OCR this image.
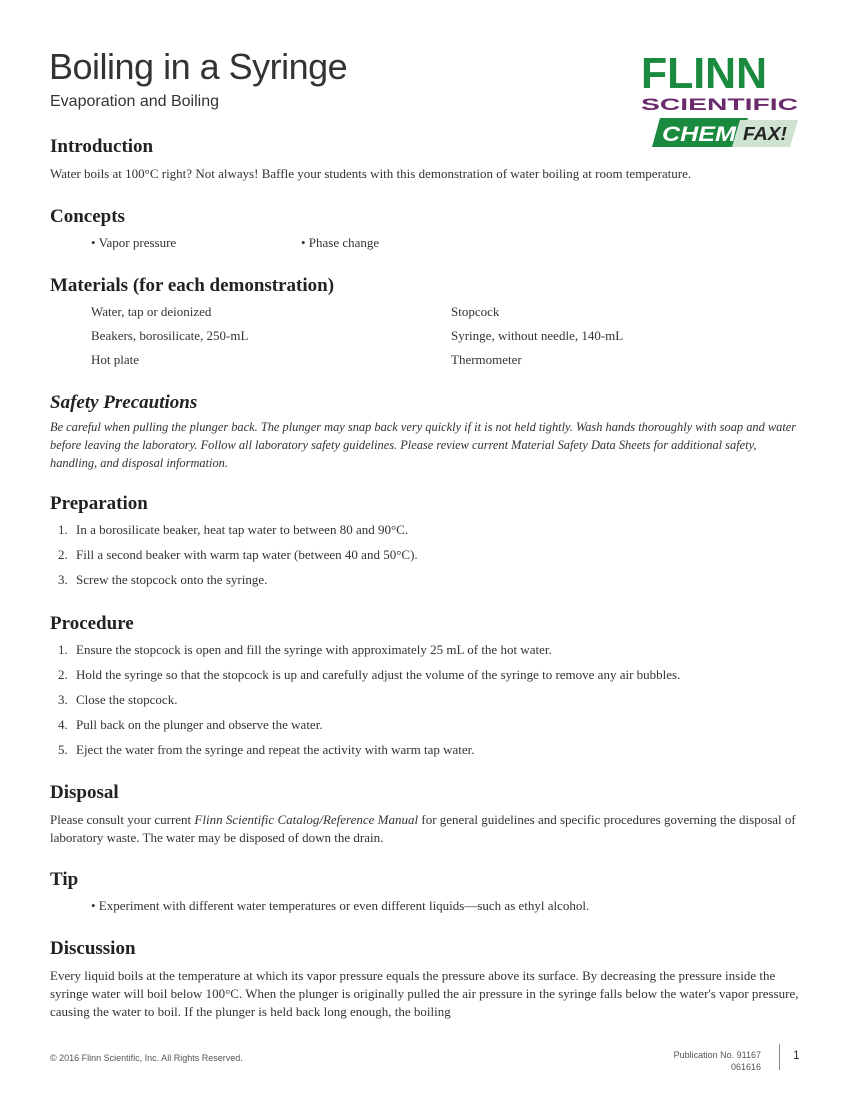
Boiling in a Syringe
Evaporation and Boiling
FLINN
SCIENTIFIC
CHEM FAX!
Introduction

Water boils at 100°C right? Not always! Baffle your students with this demonstration of water boiling at room temperature.

Concepts
• Vapor pressure	• Phase change
Materials (for each demonstration)
Water, tap or deionized
Beakers, borosilicate, 250-mL
Hot plate
Stopcock
Syringe, without needle, 140-mL
Thermometer
Safety Precautions

Be careful when pulling the plunger back. The plunger may snap back very quickly if it is not held tightly. Wash hands thoroughly with soap and water before leaving the laboratory. Follow all laboratory safety guidelines. Please review current Material Safety Data Sheets for additional safety, handling, and disposal information.

Preparation
1. In a borosilicate beaker, heat tap water to between 80 and 90°C.
2. Fill a second beaker with warm tap water (between 40 and 50°C).
3. Screw the stopcock onto the syringe.
Procedure
1. Ensure the stopcock is open and fill the syringe with approximately 25 mL of the hot water.
2. Hold the syringe so that the stopcock is up and carefully adjust the volume of the syringe to remove any air bubbles.
3. Close the stopcock.
4. Pull back on the plunger and observe the water.
5. Eject the water from the syringe and repeat the activity with warm tap water.
Disposal

Please consult your current Flinn Scientific Catalog/Reference Manual for general guidelines and specific procedures governing the disposal of laboratory waste. The water may be disposed of down the drain.

Tip
• Experiment with different water temperatures or even different liquids—such as ethyl alcohol.
Discussion

Every liquid boils at the temperature at which its vapor pressure equals the pressure above its surface. By decreasing the pressure inside the syringe water will boil below 100°C. When the plunger is originally pulled the air pressure in the syringe falls below the water's vapor pressure, causing the water to boil. If the plunger is held back long enough, the boiling

© 2016 Flinn Scientific, Inc. All Rights Reserved.	Publication No. 91167
061616
1
